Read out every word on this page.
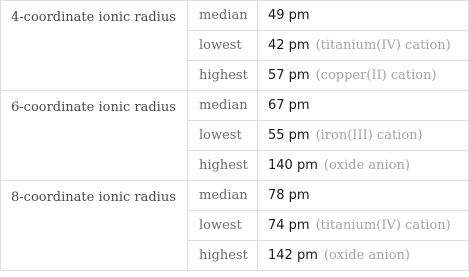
4-coordinate ionic radius	median	49 pm
	lowest	42 pm (titanium(IV) cation)
	highest	57 pm (copper(II) cation)
6-coordinate ionic radius	median	67 pm
	lowest	55 pm (iron(III) cation)
	highest	140 pm (oxide anion)
8-coordinate ionic radius	median	78 pm
	lowest	74 pm (titanium(IV) cation)
	highest	142 pm (oxide anion)
